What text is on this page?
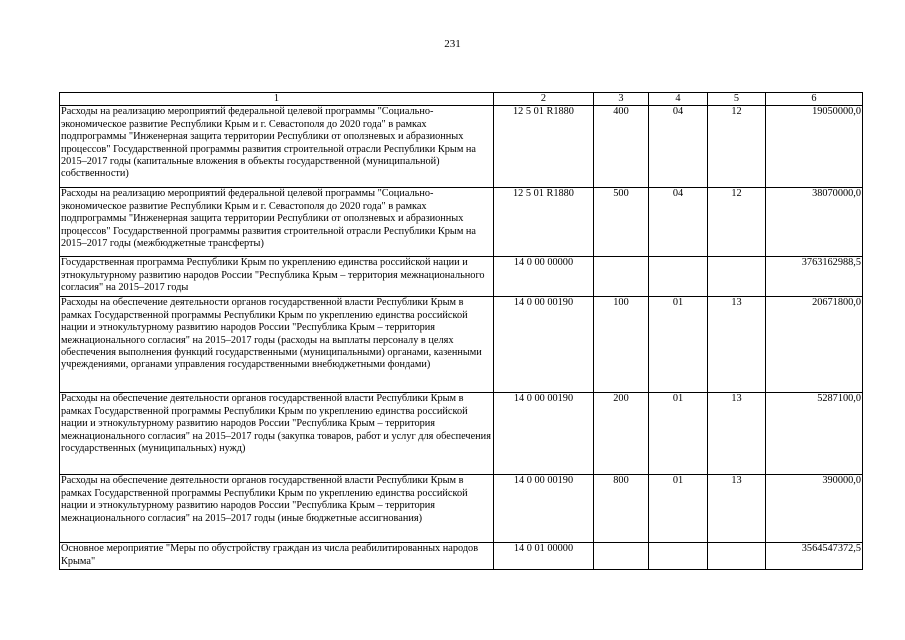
231
1	2	3	4	5	6
Расходы на реализацию мероприятий федеральной целевой программы "Социально-экономическое развитие Республики Крым и г. Севастополя до 2020 года" в рамках подпрограммы "Инженерная защита территории Республики от оползневых и абразионных процессов" Государственной программы развития строительной отрасли Республики Крым на 2015–2017 годы (капитальные вложения в объекты государственной (муниципальной) собственности)	12 5 01 R1880	400	04	12	19050000,0
Расходы на реализацию мероприятий федеральной целевой программы "Социально-экономическое развитие Республики Крым и г. Севастополя до 2020 года" в рамках подпрограммы "Инженерная защита территории Республики от оползневых и абразионных процессов" Государственной программы развития строительной отрасли Республики Крым на 2015–2017 годы (межбюджетные трансферты)	12 5 01 R1880	500	04	12	38070000,0
Государственная программа Республики Крым по укреплению единства российской нации и этнокультурному развитию народов России "Республика Крым – территория межнационального согласия" на 2015–2017 годы	14 0 00 00000				3763162988,5
Расходы на обеспечение деятельности органов государственной власти Республики Крым в рамках Государственной программы Республики Крым по укреплению единства российской нации и этнокультурному развитию народов России "Республика Крым – территория межнационального согласия" на 2015–2017 годы (расходы на выплаты персоналу в целях обеспечения выполнения функций государственными (муниципальными) органами, казенными учреждениями, органами управления государственными внебюджетными фондами)	14 0 00 00190	100	01	13	20671800,0
Расходы на обеспечение деятельности органов государственной власти Республики Крым в рамках Государственной программы Республики Крым по укреплению единства российской нации и этнокультурному развитию народов России "Республика Крым – территория межнационального согласия" на 2015–2017 годы (закупка товаров, работ и услуг для обеспечения государственных (муниципальных) нужд)	14 0 00 00190	200	01	13	5287100,0
Расходы на обеспечение деятельности органов государственной власти Республики Крым в рамках Государственной программы Республики Крым по укреплению единства российской нации и этнокультурному развитию народов России "Республика Крым – территория межнационального согласия" на 2015–2017 годы (иные бюджетные ассигнования)	14 0 00 00190	800	01	13	390000,0
Основное мероприятие "Меры по обустройству граждан из числа реабилитированных народов Крыма"	14 0 01 00000				3564547372,5
